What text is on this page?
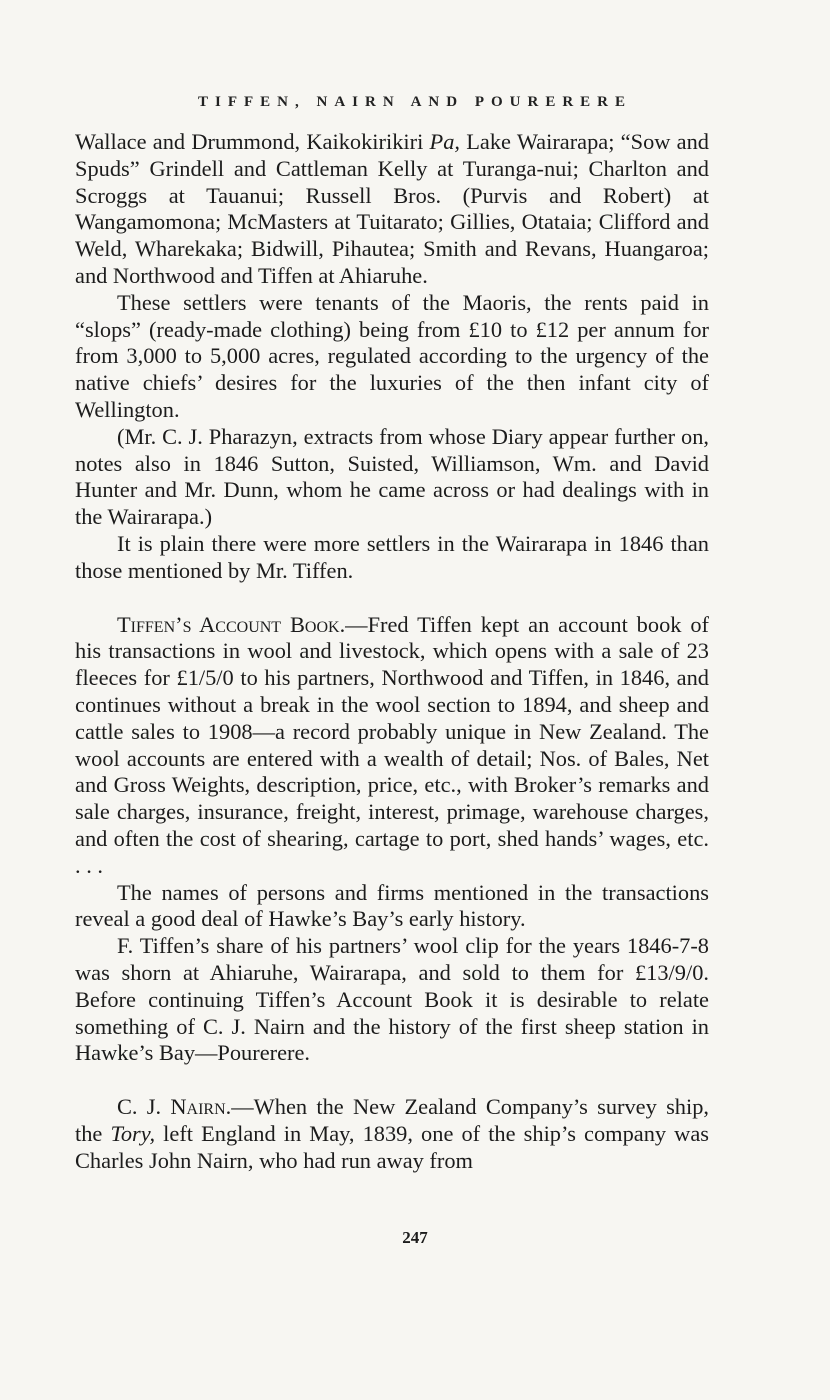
TIFFEN, NAIRN AND POURERERE

Wallace and Drummond, Kaikokirikiri Pa, Lake Wairarapa; “Sow and Spuds” Grindell and Cattleman Kelly at Turanga-nui; Charlton and Scroggs at Tauanui; Russell Bros. (Purvis and Robert) at Wangamomona; McMasters at Tuitarato; Gillies, Otataia; Clifford and Weld, Wharekaka; Bidwill, Pihautea; Smith and Revans, Huangaroa; and Northwood and Tiffen at Ahiaruhe.

These settlers were tenants of the Maoris, the rents paid in “slops” (ready-made clothing) being from £10 to £12 per annum for from 3,000 to 5,000 acres, regulated according to the urgency of the native chiefs’ desires for the luxuries of the then infant city of Wellington.

(Mr. C. J. Pharazyn, extracts from whose Diary appear further on, notes also in 1846 Sutton, Suisted, Williamson, Wm. and David Hunter and Mr. Dunn, whom he came across or had dealings with in the Wairarapa.)

It is plain there were more settlers in the Wairarapa in 1846 than those mentioned by Mr. Tiffen.

Tiffen’s Account Book.—Fred Tiffen kept an account book of his transactions in wool and livestock, which opens with a sale of 23 fleeces for £1/5/0 to his partners, Northwood and Tiffen, in 1846, and continues without a break in the wool section to 1894, and sheep and cattle sales to 1908—a record probably unique in New Zealand. The wool accounts are entered with a wealth of detail; Nos. of Bales, Net and Gross Weights, description, price, etc., with Broker’s remarks and sale charges, insurance, freight, interest, primage, warehouse charges, and often the cost of shearing, cartage to port, shed hands’ wages, etc. . . .

The names of persons and firms mentioned in the transactions reveal a good deal of Hawke’s Bay’s early history.

F. Tiffen’s share of his partners’ wool clip for the years 1846-7-8 was shorn at Ahiaruhe, Wairarapa, and sold to them for £13/9/0. Before continuing Tiffen’s Account Book it is desirable to relate something of C. J. Nairn and the history of the first sheep station in Hawke’s Bay—Pourerere.

C. J. Nairn.—When the New Zealand Company’s survey ship, the Tory, left England in May, 1839, one of the ship’s company was Charles John Nairn, who had run away from

247
